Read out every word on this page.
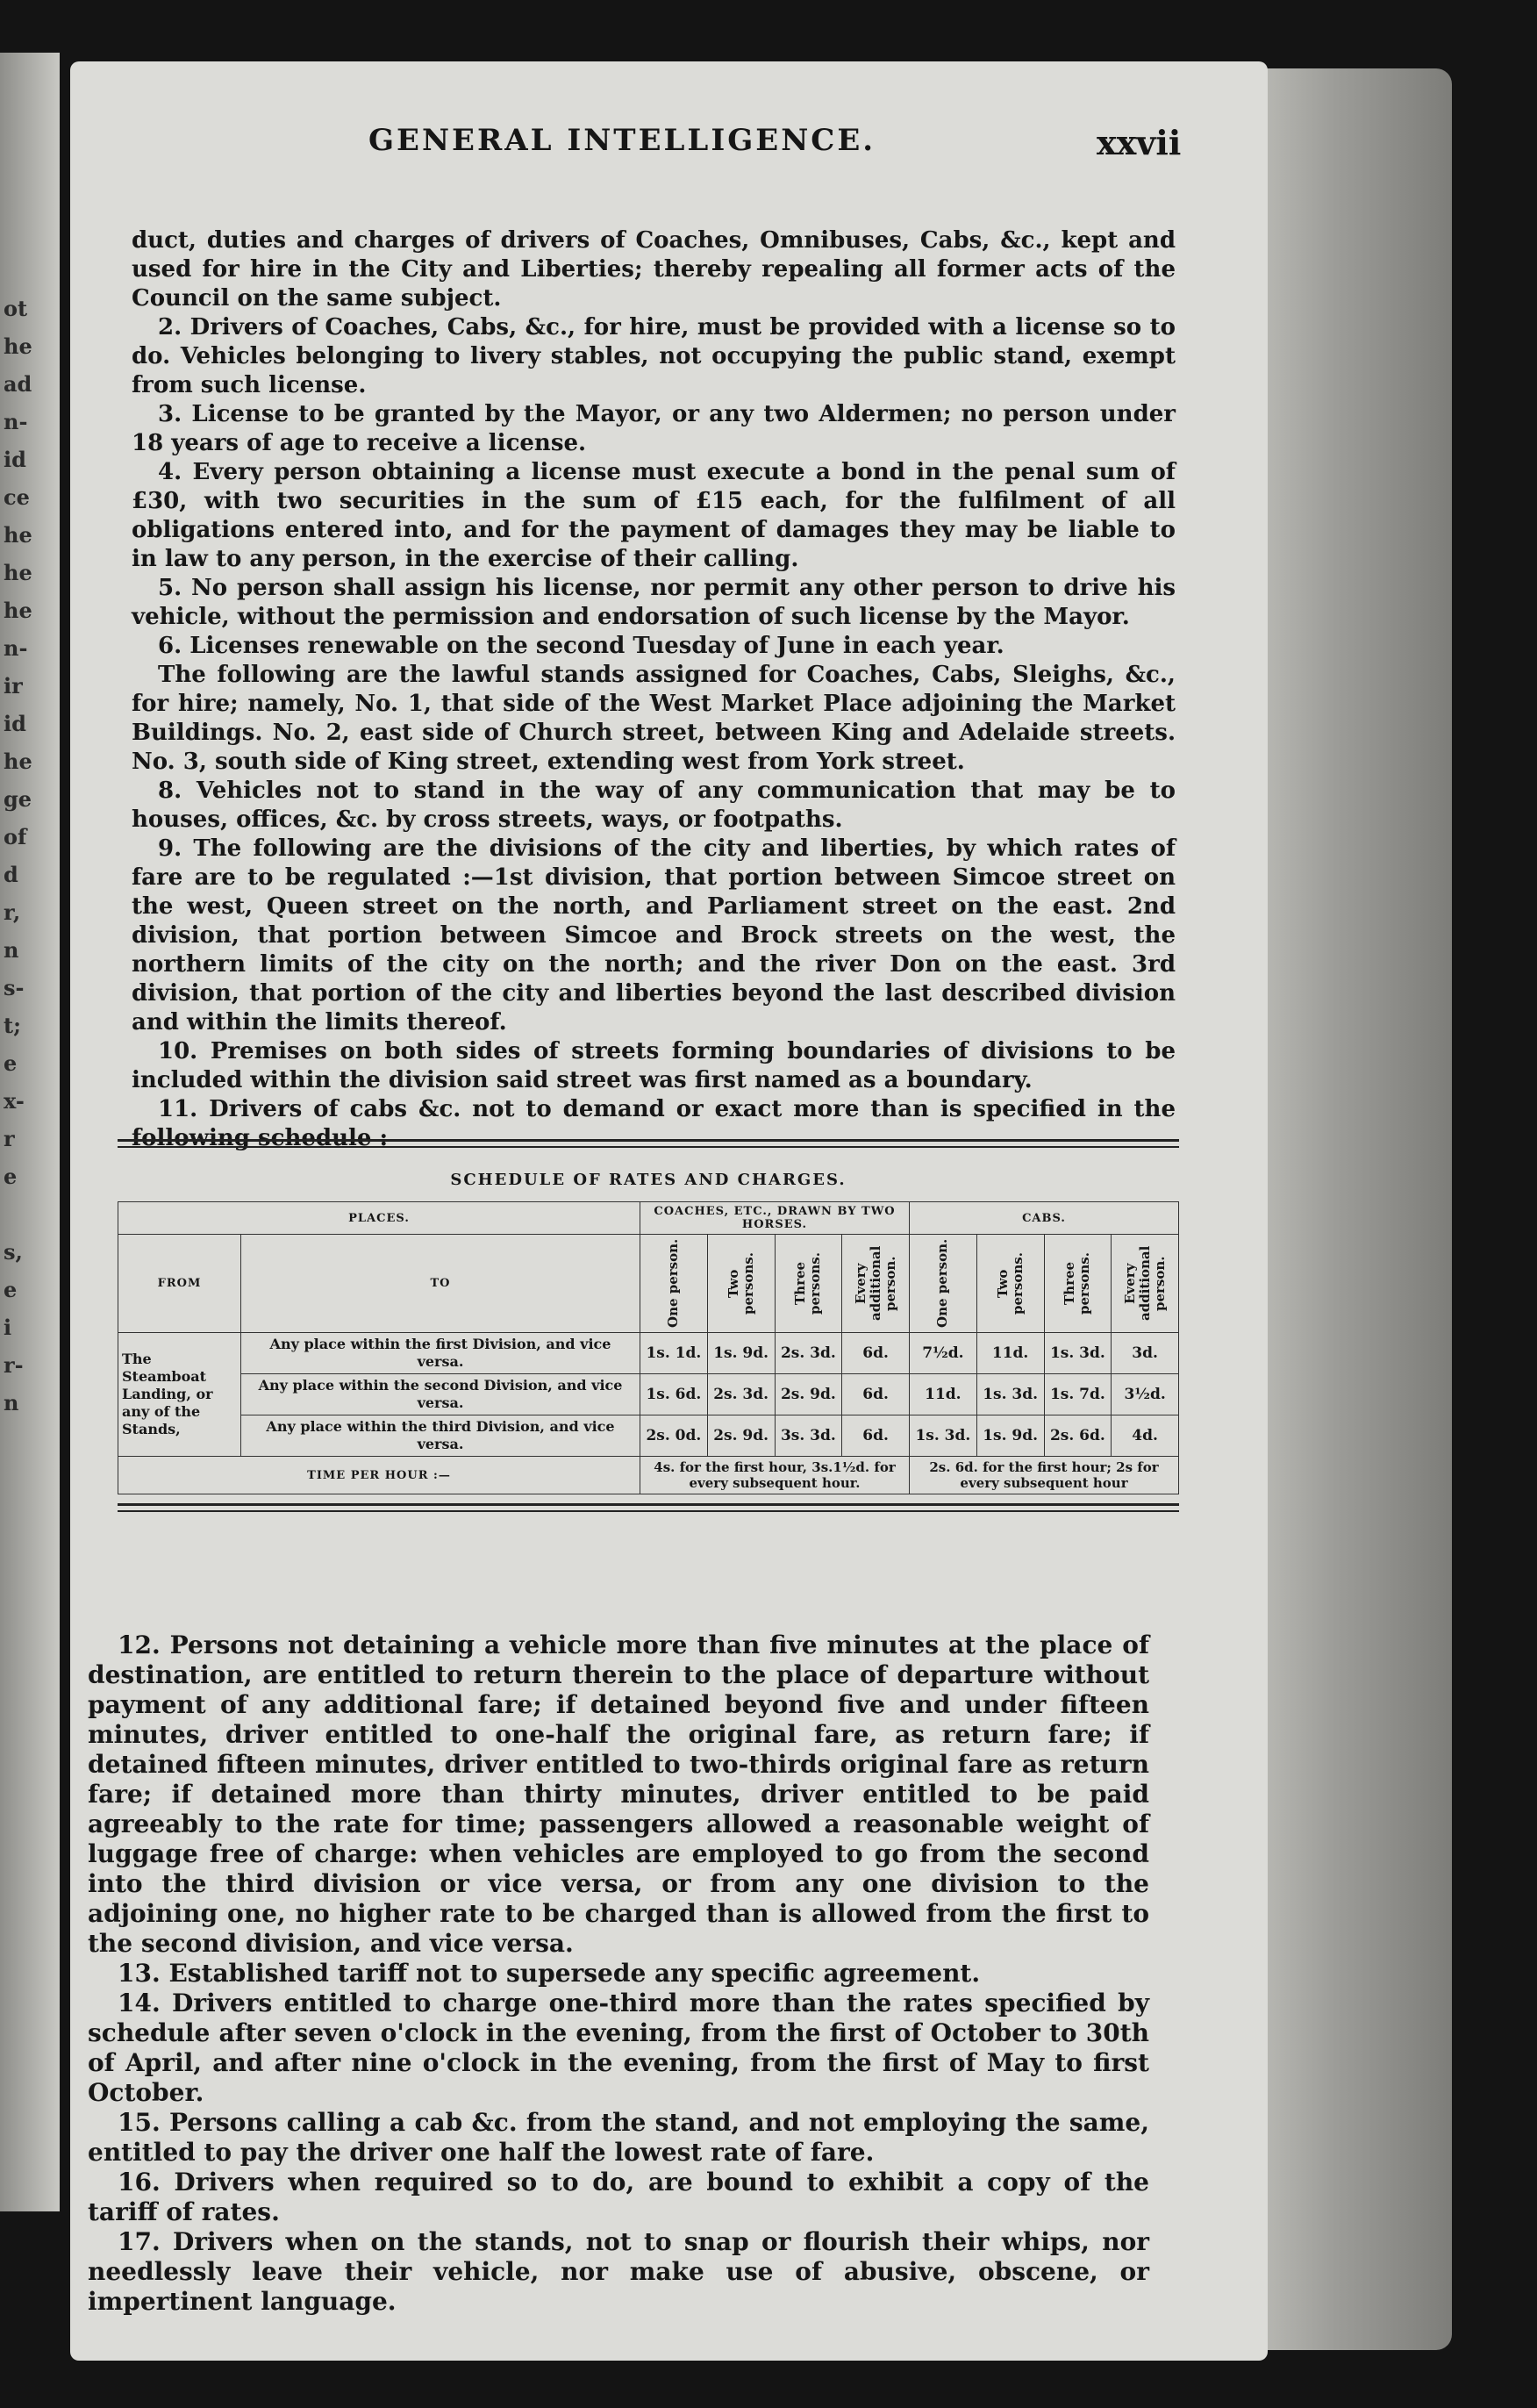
ot
he
ad
n-
id
ce
he
he
he
n-
ir
id
he
ge
of
d
r,
n
s-
t;
e
x-
r
e

s,
e
i
r-
n
GENERAL INTELLIGENCE.	xxvii

duct, duties and charges of drivers of Coaches, Omnibuses, Cabs, &c., kept and used for hire in the City and Liberties; thereby repealing all former acts of the Council on the same subject.

2. Drivers of Coaches, Cabs, &c., for hire, must be provided with a license so to do. Vehicles belonging to livery stables, not occupying the public stand, exempt from such license.

3. License to be granted by the Mayor, or any two Aldermen; no person under 18 years of age to receive a license.

4. Every person obtaining a license must execute a bond in the penal sum of £30, with two securities in the sum of £15 each, for the fulfilment of all obligations entered into, and for the payment of damages they may be liable to in law to any person, in the exercise of their calling.

5. No person shall assign his license, nor permit any other person to drive his vehicle, without the permission and endorsation of such license by the Mayor.

6. Licenses renewable on the second Tuesday of June in each year.

The following are the lawful stands assigned for Coaches, Cabs, Sleighs, &c., for hire; namely, No. 1, that side of the West Market Place adjoining the Market Buildings. No. 2, east side of Church street, between King and Adelaide streets. No. 3, south side of King street, extending west from York street.

8. Vehicles not to stand in the way of any communication that may be to houses, offices, &c. by cross streets, ways, or footpaths.

9. The following are the divisions of the city and liberties, by which rates of fare are to be regulated :—1st division, that portion between Simcoe street on the west, Queen street on the north, and Parliament street on the east. 2nd division, that portion between Simcoe and Brock streets on the west, the northern limits of the city on the north; and the river Don on the east. 3rd division, that portion of the city and liberties beyond the last described division and within the limits thereof.

10. Premises on both sides of streets forming boundaries of divisions to be included within the division said street was first named as a boundary.

11. Drivers of cabs &c. not to demand or exact more than is specified in the following schedule :

SCHEDULE OF RATES AND CHARGES.
PLACES.		COACHES, ETC., DRAWN BY TWO HORSES.				CABS.			
FROM	TO	One person.	Two persons.	Three persons.	Every additional person.	One person.	Two persons.	Three persons.	Every additional person.

The Steamboat Landing, or any of the Stands,	Any place within the first Division, and vice versa.	1s. 1d.	1s. 9d.	2s. 3d.	6d.	7½d.	11d.	1s. 3d.	3d.
	Any place within the second Division, and vice versa.	1s. 6d.	2s. 3d.	2s. 9d.	6d.	11d.	1s. 3d.	1s. 7d.	3½d.
	Any place within the third Division, and vice versa.	2s. 0d.	2s. 9d.	3s. 3d.	6d.	1s. 3d.	1s. 9d.	2s. 6d.	4d.
TIME PER HOUR :—		4s. for the first hour, 3s.1½d. for every subsequent hour.				2s. 6d. for the first hour; 2s for every subsequent hour			

12. Persons not detaining a vehicle more than five minutes at the place of destination, are entitled to return therein to the place of departure without payment of any additional fare; if detained beyond five and under fifteen minutes, driver entitled to one-half the original fare, as return fare; if detained fifteen minutes, driver entitled to two-thirds original fare as return fare; if detained more than thirty minutes, driver entitled to be paid agreeably to the rate for time; passengers allowed a reasonable weight of luggage free of charge: when vehicles are employed to go from the second into the third division or vice versa, or from any one division to the adjoining one, no higher rate to be charged than is allowed from the first to the second division, and vice versa.

13. Established tariff not to supersede any specific agreement.

14. Drivers entitled to charge one-third more than the rates specified by schedule after seven o'clock in the evening, from the first of October to 30th of April, and after nine o'clock in the evening, from the first of May to first October.

15. Persons calling a cab &c. from the stand, and not employing the same, entitled to pay the driver one half the lowest rate of fare.

16. Drivers when required so to do, are bound to exhibit a copy of the tariff of rates.

17. Drivers when on the stands, not to snap or flourish their whips, nor needlessly leave their vehicle, nor make use of abusive, obscene, or impertinent language.
